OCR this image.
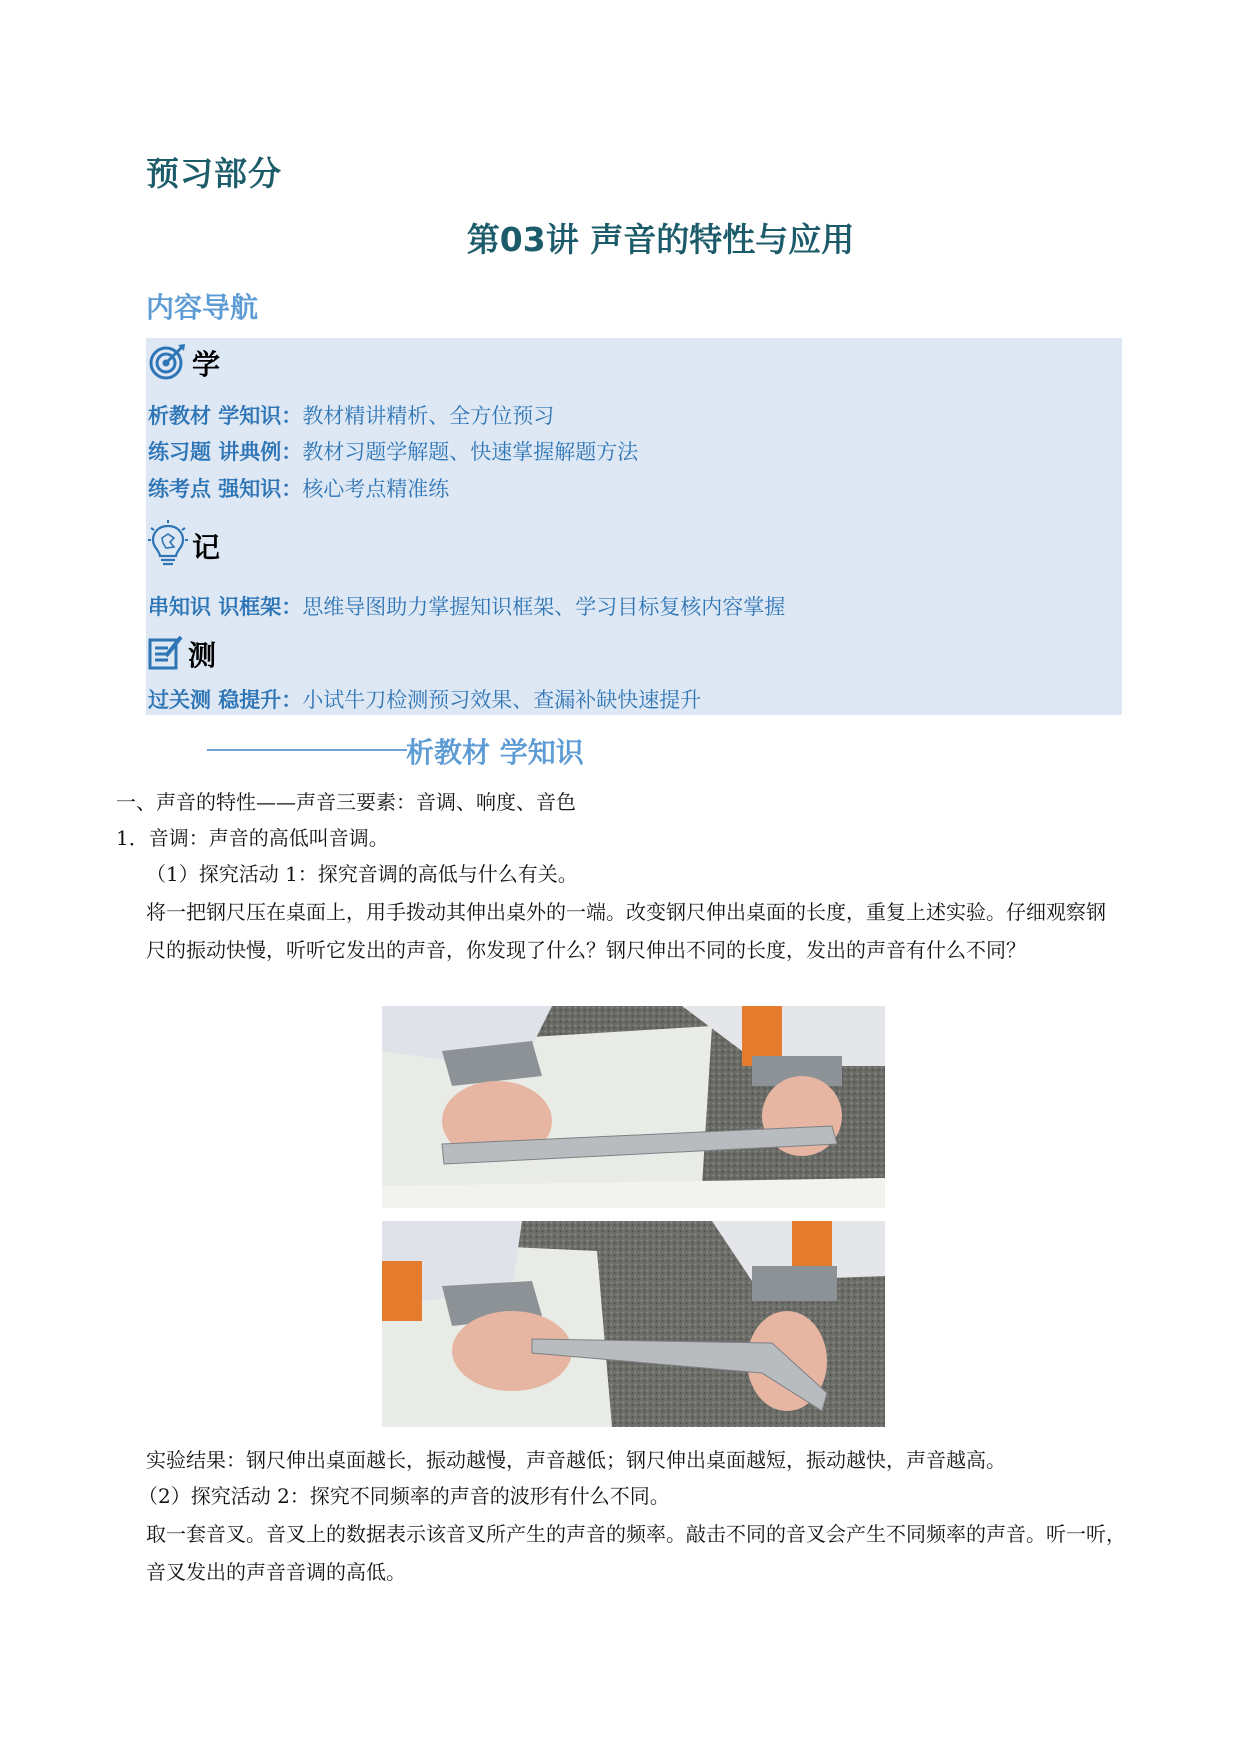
预习部分
第03讲 声音的特性与应用
内容导航
学
析教材 学知识：教材精讲精析、全方位预习
练习题 讲典例：教材习题学解题、快速掌握解题方法
练考点 强知识：核心考点精准练
记
串知识 识框架：思维导图助力掌握知识框架、学习目标复核内容掌握
测
过关测 稳提升：小试牛刀检测预习效果、查漏补缺快速提升
析教材 学知识
一、声音的特性——声音三要素：音调、响度、音色
1．音调：声音的高低叫音调。
（1）探究活动 1：探究音调的高低与什么有关。

将一把钢尺压在桌面上，用手拨动其伸出桌外的一端。改变钢尺伸出桌面的长度，重复上述实验。仔细观察钢尺的振动快慢，听听它发出的声音，你发现了什么？钢尺伸出不同的长度，发出的声音有什么不同？

实验结果：钢尺伸出桌面越长，振动越慢，声音越低；钢尺伸出桌面越短，振动越快，声音越高。
（2）探究活动 2：探究不同频率的声音的波形有什么不同。

取一套音叉。音叉上的数据表示该音叉所产生的声音的频率。敲击不同的音叉会产生不同频率的声音。听一听，音叉发出的声音音调的高低。
